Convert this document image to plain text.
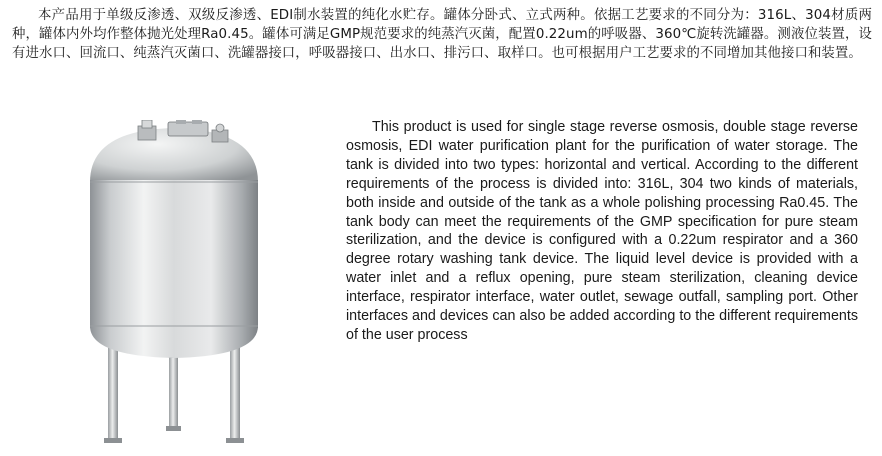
本产品用于单级反渗透、双级反渗透、EDI制水装置的纯化水贮存。罐体分卧式、立式两种。依据工艺要求的不同分为：316L、304材质两种，罐体内外均作整体抛光处理Ra0.45。罐体可满足GMP规范要求的纯蒸汽灭菌，配置0.22um的呼吸器、360℃旋转洗罐器。测液位装置，设有进水口、回流口、纯蒸汽灭菌口、洗罐器接口，呼吸器接口、出水口、排污口、取样口。也可根据用户工艺要求的不同增加其他接口和装置。

This product is used for single stage reverse osmosis, double stage reverse osmosis, EDI water purification plant for the purification of water storage. The tank is divided into two types: horizontal and vertical. According to the different requirements of the process is divided into: 316L, 304 two kinds of materials, both inside and outside of the tank as a whole polishing processing Ra0.45. The tank body can meet the requirements of the GMP specification for pure steam sterilization, and the device is configured with a 0.22um respirator and a 360 degree rotary washing tank device. The liquid level device is provided with a water inlet and a reflux opening, pure steam sterilization, cleaning device interface, respirator interface, water outlet, sewage outfall, sampling port. Other interfaces and devices can also be added according to the different requirements of the user process
